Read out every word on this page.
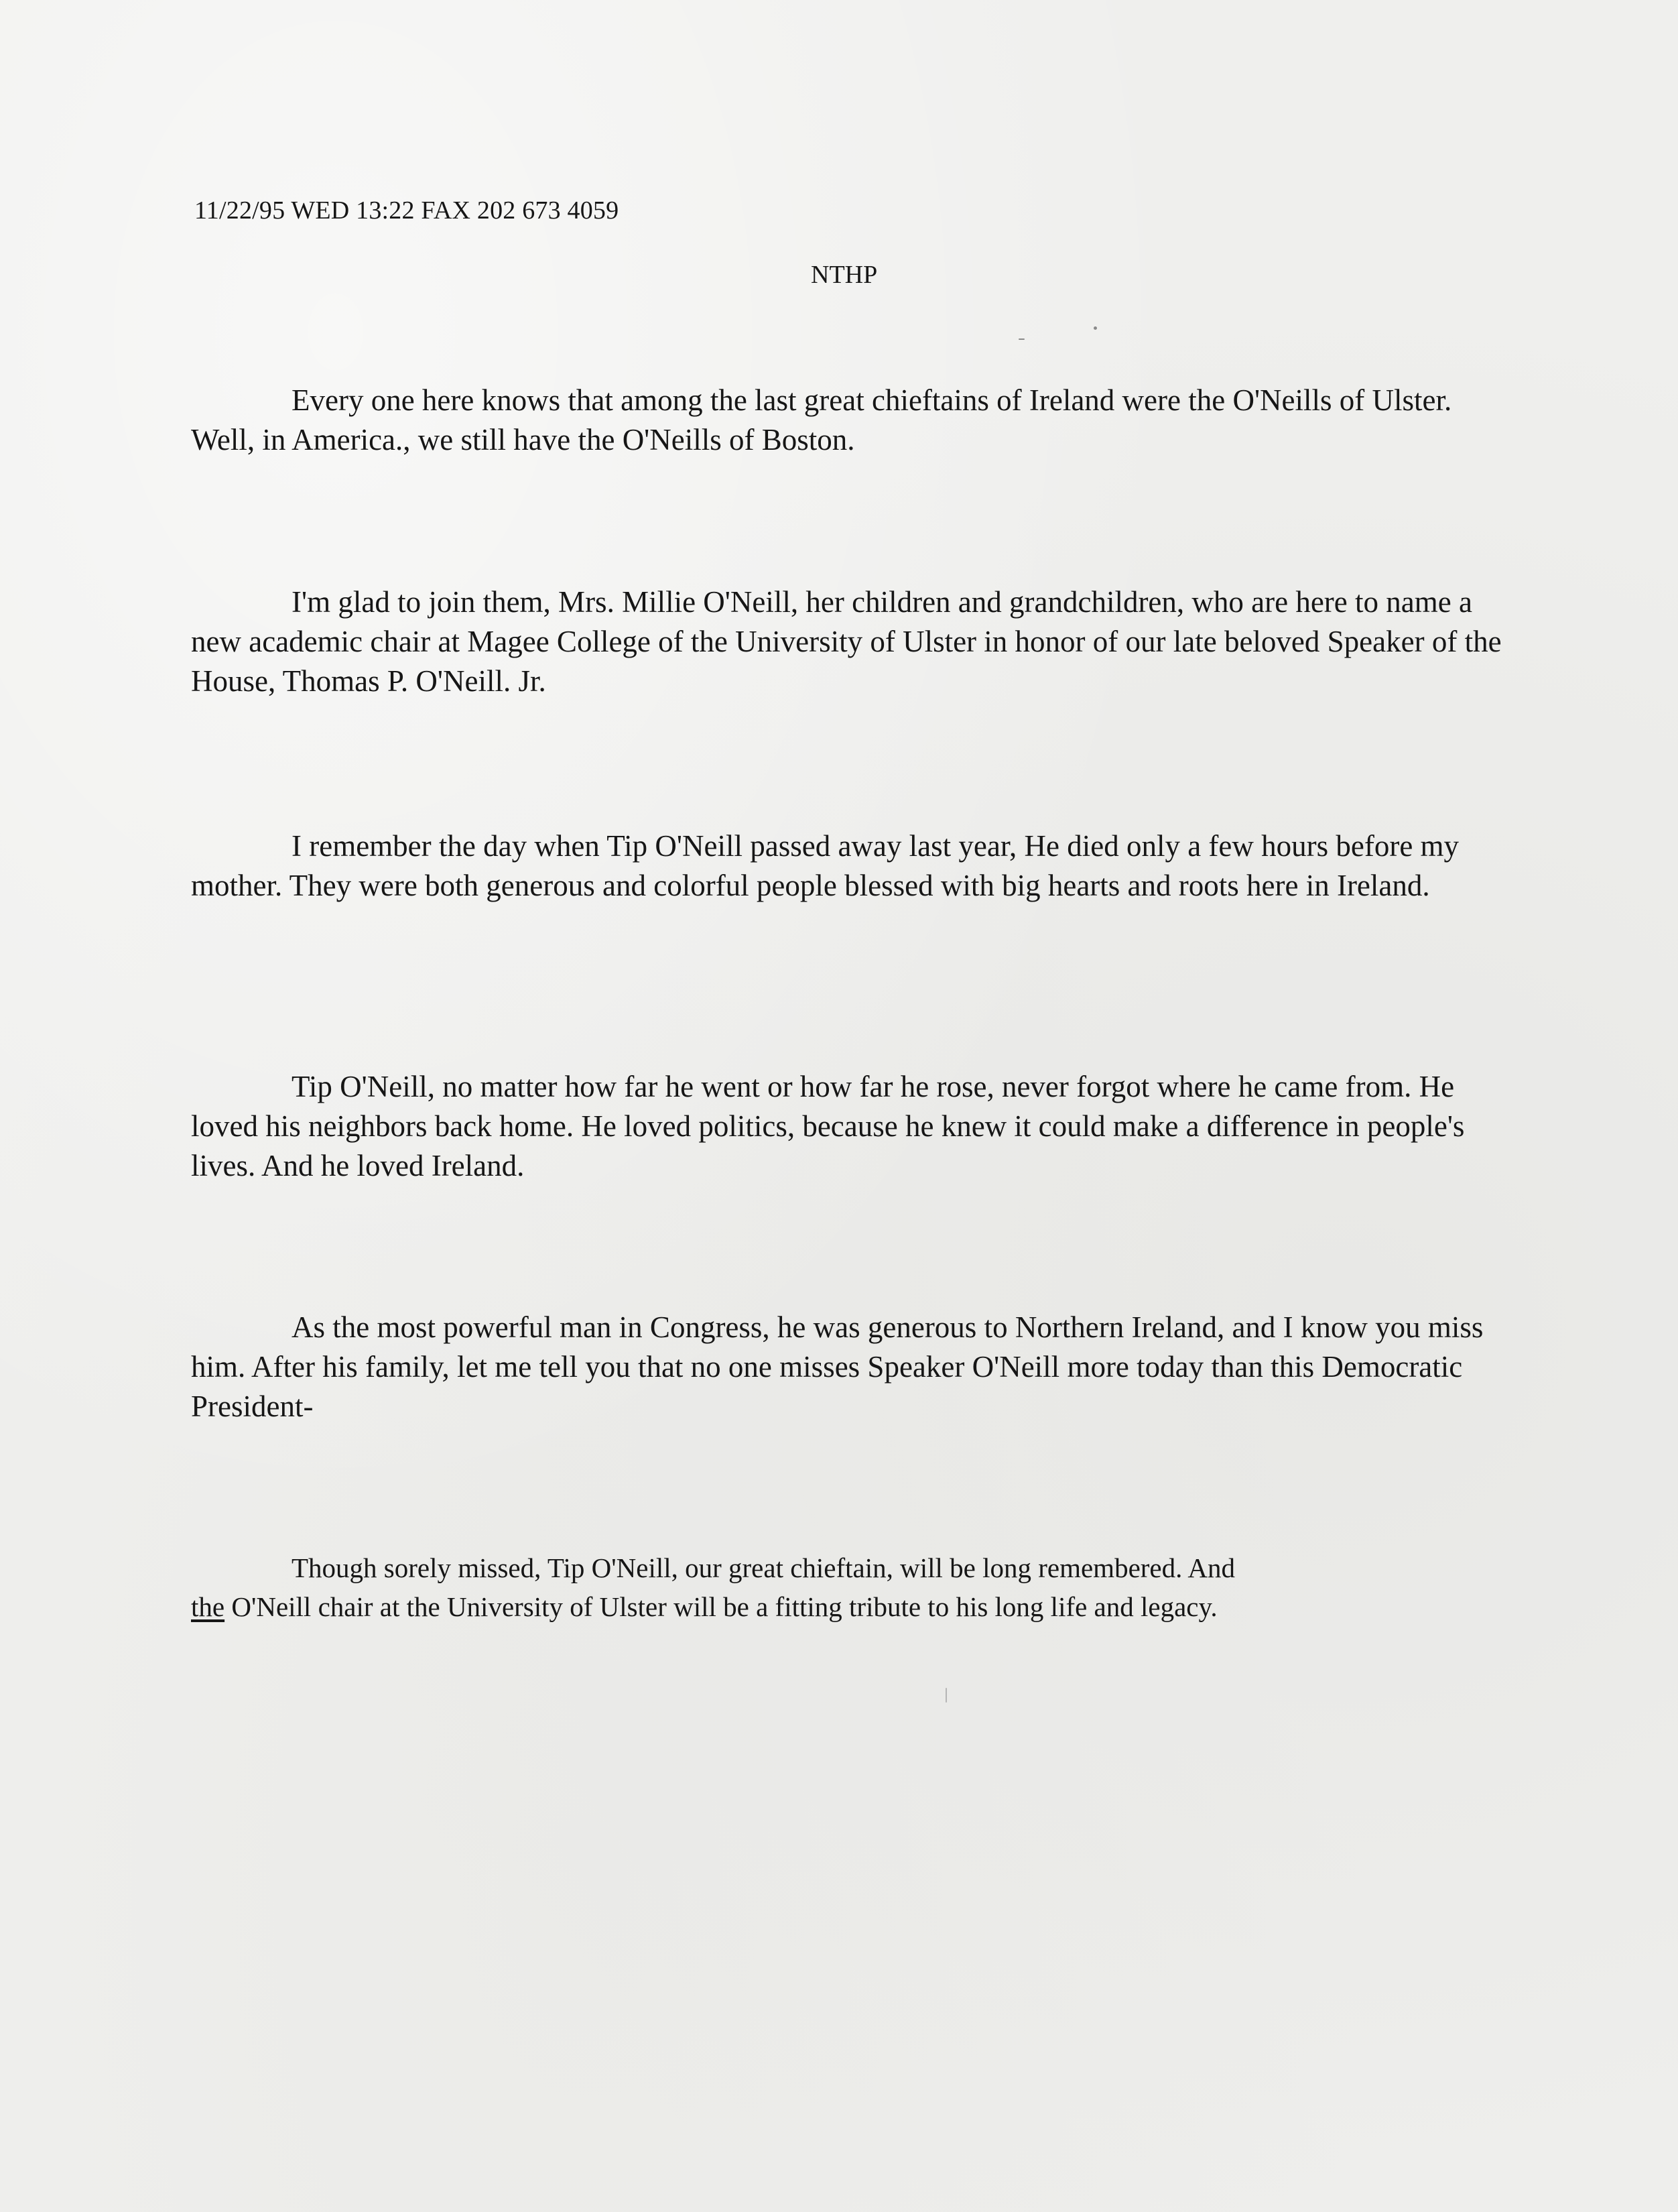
11/22/95 WED 13:22 FAX 202 673 4059
NTHP

Every one here knows that among the last great chieftains of Ireland were the O'Neills of Ulster. Well, in America., we still have the O'Neills of Boston.

I'm glad to join them, Mrs. Millie O'Neill, her children and grandchildren, who are here to name a new academic chair at Magee College of the University of Ulster in honor of our late beloved Speaker of the House, Thomas P. O'Neill. Jr.

I remember the day when Tip O'Neill passed away last year, He died only a few hours before my mother. They were both generous and colorful people blessed with big hearts and roots here in Ireland.

Tip O'Neill, no matter how far he went or how far he rose, never forgot where he came from. He loved his neighbors back home. He loved politics, because he knew it could make a difference in people's lives. And he loved Ireland.

As the most powerful man in Congress, he was generous to Northern Ireland, and I know you miss him. After his family, let me tell you that no one misses Speaker O'Neill more today than this Democratic President-

Though sorely missed, Tip O'Neill, our great chieftain, will be long remembered. And
the O'Neill chair at the University of Ulster will be a fitting tribute to his long life and legacy.
